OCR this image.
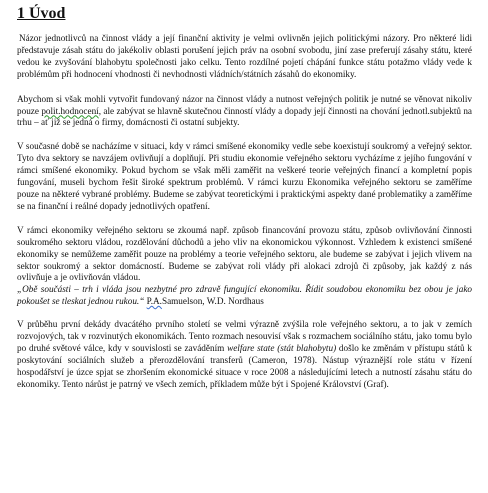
1 Úvod

Názor jednotlivců na činnost vlády a její finanční aktivity je velmi ovlivněn jejich politickými názory. Pro některé lidi představuje zásah státu do jakékoliv oblasti porušení jejich práv na osobní svobodu, jiní zase preferují zásahy státu, které vedou ke zvyšování blahobytu společnosti jako celku. Tento rozdílné pojetí chápání funkce státu potažmo vlády vede k problémům při hodnocení vhodnosti či nevhodnosti vládních/státních zásahů do ekonomiky.

Abychom si však mohli vytvořit fundovaný názor na činnost vlády a nutnost veřejných politik je nutné se věnovat nikoliv pouze polit.hodnocení, ale zabývat se hlavně skutečnou činností vlády a dopady její činnosti na chování jednotl.subjektů na trhu – ať již se jedná o firmy, domácnosti či ostatní subjekty.

V současné době se nacházíme v situaci, kdy v rámci smíšené ekonomiky vedle sebe koexistují soukromý a veřejný sektor. Tyto dva sektory se navzájem ovlivňují a doplňují. Při studiu ekonomie veřejného sektoru vycházíme z jejího fungování v rámci smíšené ekonomiky. Pokud bychom se však měli zaměřit na veškeré teorie veřejných financí a kompletní popis fungování, museli bychom řešit široké spektrum problémů. V rámci kurzu Ekonomika veřejného sektoru se zaměříme pouze na některé vybrané problémy. Budeme se zabývat teoretickými i praktickými aspekty dané problematiky a zaměříme se na finanční i reálné dopady jednotlivých opatření.

V rámci ekonomiky veřejného sektoru se zkoumá např. způsob financování provozu státu, způsob ovlivňování činnosti soukromého sektoru vládou, rozdělování důchodů a jeho vliv na ekonomickou výkonnost. Vzhledem k existenci smíšené ekonomiky se nemůžeme zaměřit pouze na problémy a teorie veřejného sektoru, ale budeme se zabývat i jejich vlivem na sektor soukromý a sektor domácností. Budeme se zabývat roli vlády při alokaci zdrojů či způsoby, jak každý z nás ovlivňuje a je ovlivňován vládou.

„Obě součásti – trh i vláda jsou nezbytné pro zdravě fungující ekonomiku. Řídit soudobou ekonomiku bez obou je jako pokoušet se tleskat jednou rukou.“ P.A.Samuelson, W.D. Nordhaus

V průběhu první dekády dvacátého prvního století se velmi výrazně zvýšila role veřejného sektoru, a to jak v zemích rozvojových, tak v rozvinutých ekonomikách. Tento rozmach nesouvisí však s rozmachem sociálního státu, jako tomu bylo po druhé světové válce, kdy v souvislosti se zaváděním welfare state (stát blahobytu) došlo ke změnám v přístupu států k poskytování sociálních služeb a přerozdělování transferů (Cameron, 1978). Nástup výraznější role státu v řízení hospodářství je úzce spjat se zhoršením ekonomické situace v roce 2008 a následujícími letech a nutností zásahu státu do ekonomiky. Tento nárůst je patrný ve všech zemích, příkladem může být i Spojené Království (Graf).
